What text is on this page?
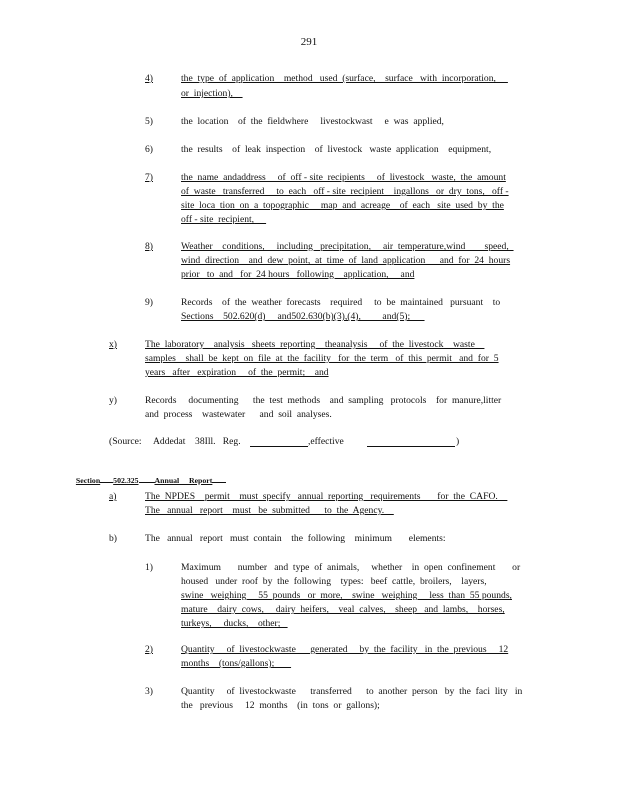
291
4)	the  type  of  application    method   used  (surface,    surface   with  incorporation,
or  injection),
5)	the  location    of  the  fieldwhere     livestockwast     e  was  applied,
6)	the  results    of  leak  inspection    of  livestock   waste  application    equipment,
7)	the  name  andaddress     of  off - site  recipients     of  livestock   waste,  the  amount
of  waste   transferred     to  each   off - site  recipient    ingallons   or  dry  tons,   off -
site  loca  tion  on  a  topographic     map  and  acreage    of  each   site  used  by  the
off - site  recipient,
8)	Weather    conditions,     including   precipitation,     air  temperature,wind        speed,
wind  direction    and  dew  point,  at  time  of  land  application      and  for  24  hours
prior   to  and   for  24 hours   following    application,     and
9)	Records    of  the  weather  forecasts    required     to  be  maintained   pursuant    to
Sections    502.620(d)     and502.630(b)(3),(4),         and(5);
x)	The  laboratory    analysis   sheets  reporting    theanalysis     of  the  livestock    waste
samples    shall  be  kept  on  file  at  the  facility   for  the  term   of  this  permit   and  for  5
years   after   expiration     of  the  permit;    and
y)	Records     documenting      the  test  methods    and  sampling   protocols    for  manure,litter
and  process    wastewater      and  soil  analyses.
(Source:     Addedat    38Ill.   Reg.	,effective	)

Section 502.325 Annual     Report

a)	The  NPDES    permit    must  specify   annual  reporting   requirements       for  the  CAFO.
The   annual   report    must   be  submitted      to  the  Agency.
b)	The   annual   report   must  contain    the  following    minimum       elements:
1)	Maximum       number   and  type  of  animals,     whether    in  open  confinement       or
housed   under  roof  by  the  following    types:   beef  cattle,  broilers,    layers,
swine   weighing     55  pounds   or  more,    swine   weighing     less  than  55 pounds,
mature    dairy  cows,     dairy  heifers,    veal  calves,    sheep   and  lambs,    horses,
turkeys,     ducks,    other;
2)	Quantity     of  livestockwaste      generated     by  the  facility   in  the  previous     12
months    (tons/gallons);
3)	Quantity     of  livestockwaste      transferred      to  another  person   by  the  faci  lity   in
the   previous     12  months    (in  tons  or  gallons);
